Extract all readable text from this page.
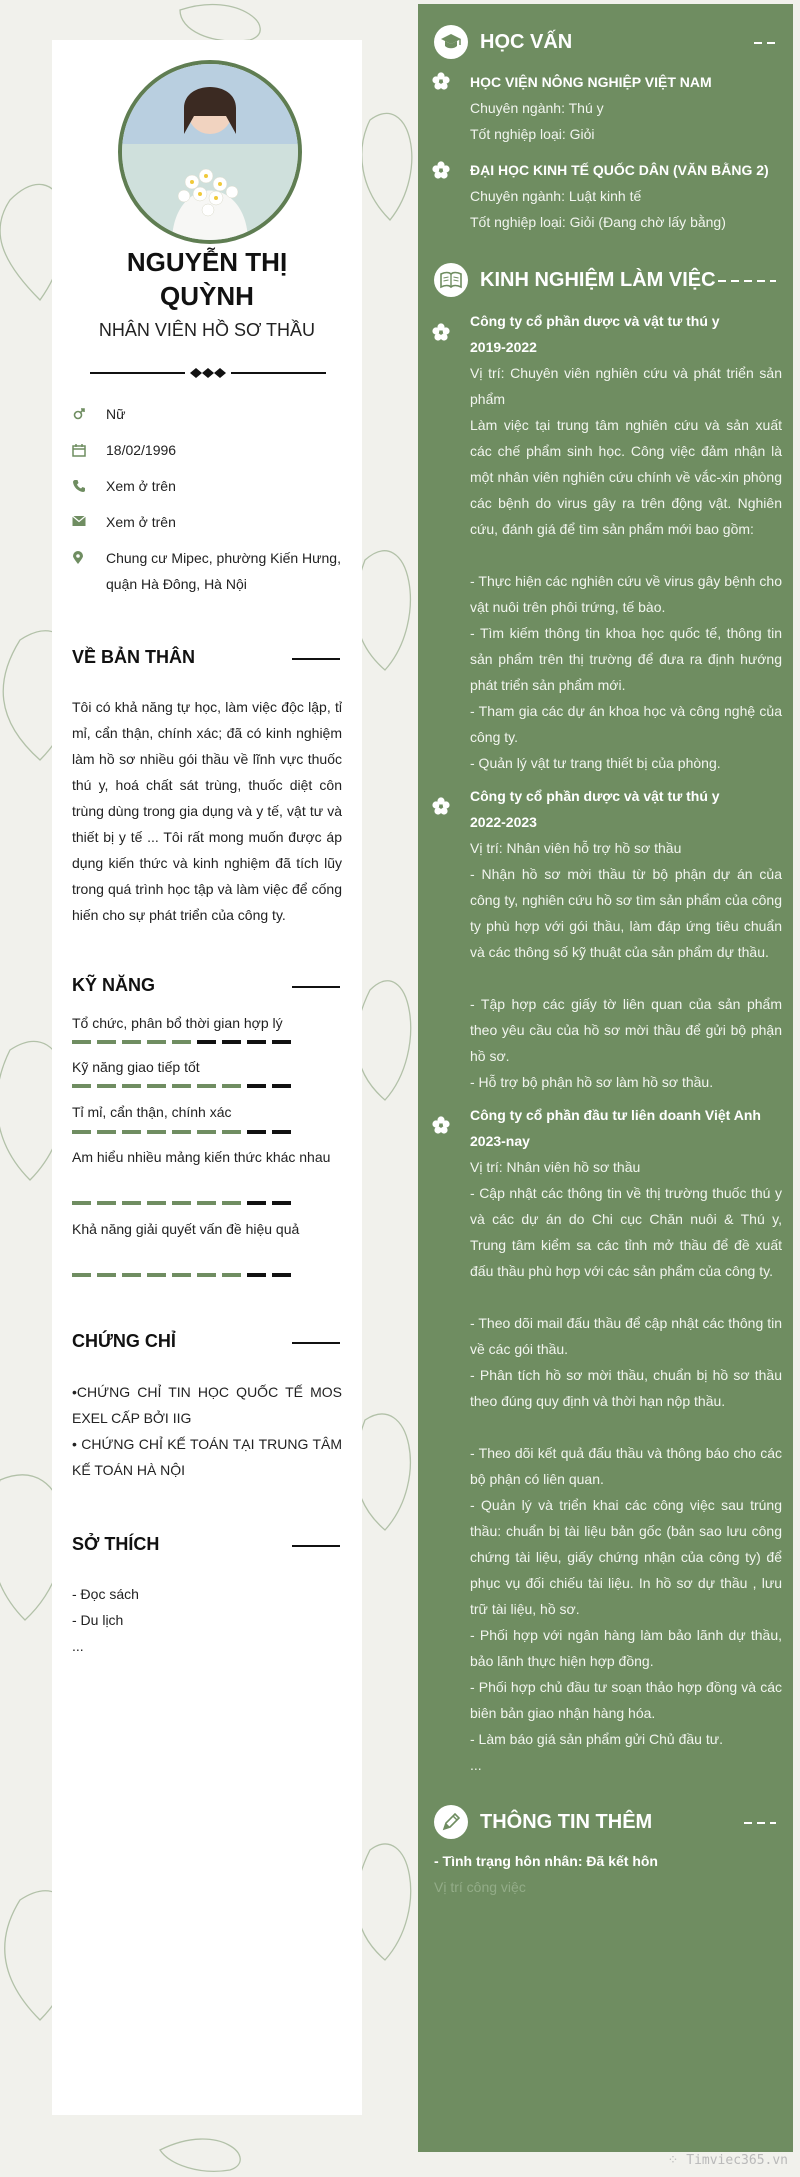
NGUYỄN THỊ
QUỲNH
NHÂN VIÊN HỒ SƠ THẦU
Nữ
18/02/1996
Xem ở trên
Xem ở trên
Chung cư Mipec, phường Kiến Hưng, quận Hà Đông, Hà Nội
VỀ BẢN THÂN
Tôi có khả năng tự học, làm việc độc lập, tỉ mỉ, cẩn thận, chính xác; đã có kinh nghiệm làm hồ sơ nhiều gói thầu về lĩnh vực thuốc thú y, hoá chất sát trùng, thuốc diệt côn trùng dùng trong gia dụng và y tế, vật tư và thiết bị y tế ... Tôi rất mong muốn được áp dụng kiến thức và kinh nghiệm đã tích lũy trong quá trình học tập và làm việc để cống hiến cho sự phát triển của công ty.
KỸ NĂNG
Tổ chức, phân bổ thời gian hợp lý
Kỹ năng giao tiếp tốt
Tỉ mỉ, cẩn thận, chính xác
Am hiểu nhiều mảng kiến thức khác nhau
Khả năng giải quyết vấn đề hiệu quả
CHỨNG CHỈ
•CHỨNG CHỈ TIN HỌC QUỐC TẾ MOS EXEL CẤP BỞI IIG
• CHỨNG CHỈ KẾ TOÁN TẠI TRUNG TÂM KẾ TOÁN HÀ NỘI
SỞ THÍCH
- Đọc sách
- Du lịch
...
HỌC VẤN
HỌC VIỆN NÔNG NGHIỆP VIỆT NAM
Chuyên ngành: Thú y
Tốt nghiệp loại: Giỏi
ĐẠI HỌC KINH TẾ QUỐC DÂN (VĂN BẰNG 2)
Chuyên ngành: Luật kinh tế
Tốt nghiệp loại: Giỏi (Đang chờ lấy bằng)
KINH NGHIỆM LÀM VIỆC
Công ty cổ phần dược và vật tư thú y
2019-2022
Vị trí: Chuyên viên nghiên cứu và phát triển sản phẩm
Làm việc tại trung tâm nghiên cứu và sản xuất các chế phẩm sinh học. Công việc đảm nhận là một nhân viên nghiên cứu chính về vắc-xin phòng các bệnh do virus gây ra trên động vật. Nghiên cứu, đánh giá để tìm sản phẩm mới bao gồm:
- Thực hiện các nghiên cứu về virus gây bệnh cho vật nuôi trên phôi trứng, tế bào.
- Tìm kiếm thông tin khoa học quốc tế, thông tin sản phẩm trên thị trường để đưa ra định hướng phát triển sản phẩm mới.
- Tham gia các dự án khoa học và công nghệ của công ty.
- Quản lý vật tư trang thiết bị của phòng.
Công ty cổ phần dược và vật tư thú y
2022-2023
Vị trí: Nhân viên hỗ trợ hồ sơ thầu
- Nhận hồ sơ mời thầu từ bộ phận dự án của công ty, nghiên cứu hồ sơ tìm sản phẩm của công ty phù hợp với gói thầu, làm đáp ứng tiêu chuẩn và các thông số kỹ thuật của sản phẩm dự thầu.
- Tập hợp các giấy tờ liên quan của sản phẩm theo yêu cầu của hồ sơ mời thầu để gửi bộ phận hồ sơ.
- Hỗ trợ bộ phận hồ sơ làm hồ sơ thầu.
Công ty cổ phần đầu tư liên doanh Việt Anh
2023-nay
Vị trí: Nhân viên hồ sơ thầu
- Cập nhật các thông tin về thị trường thuốc thú y và các dự án do Chi cục Chăn nuôi & Thú y, Trung tâm kiểm sa các tỉnh mở thầu để đề xuất đấu thầu phù hợp với các sản phẩm của công ty.
- Theo dõi mail đấu thầu để cập nhật các thông tin về các gói thầu.
- Phân tích hồ sơ mời thầu, chuẩn bị hồ sơ thầu theo đúng quy định và thời hạn nộp thầu.
- Theo dõi kết quả đấu thầu và thông báo cho các bộ phận có liên quan.
- Quản lý và triển khai các công việc sau trúng thầu: chuẩn bị tài liệu bản gốc (bản sao lưu công chứng tài liệu, giấy chứng nhận của công ty) để phục vụ đối chiếu tài liệu. In hồ sơ dự thầu , lưu trữ tài liệu, hồ sơ.
- Phối hợp với ngân hàng làm bảo lãnh dự thầu, bảo lãnh thực hiện hợp đồng.
- Phối hợp chủ đầu tư soạn thảo hợp đồng và các biên bản giao nhận hàng hóa.
- Làm báo giá sản phẩm gửi Chủ đầu tư.
...
THÔNG TIN THÊM
- Tình trạng hôn nhân: Đã kết hôn
Vị trí công việc
⁘ Timviec365.vn
